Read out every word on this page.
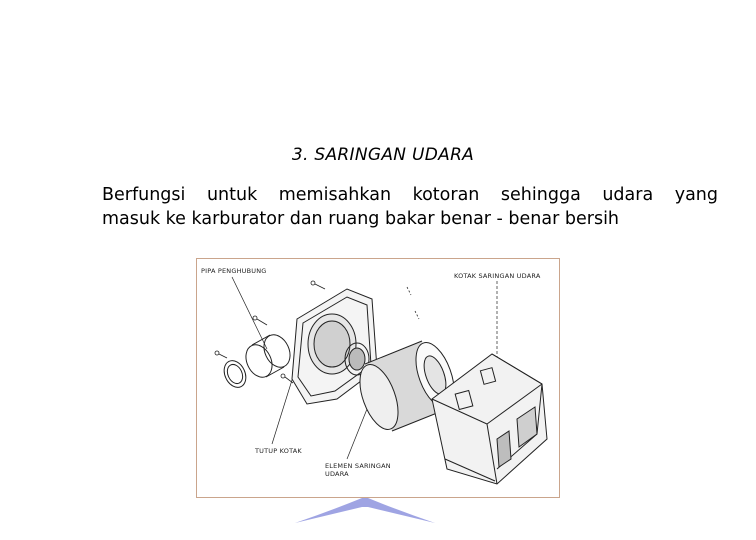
3. SARINGAN UDARA
Berfungsi untuk memisahkan kotoran sehingga udara yang
masuk ke karburator dan ruang bakar benar - benar bersih
PIPA PENGHUBUNG
KOTAK SARINGAN UDARA
TUTUP KOTAK
ELEMEN SARINGAN UDARA
